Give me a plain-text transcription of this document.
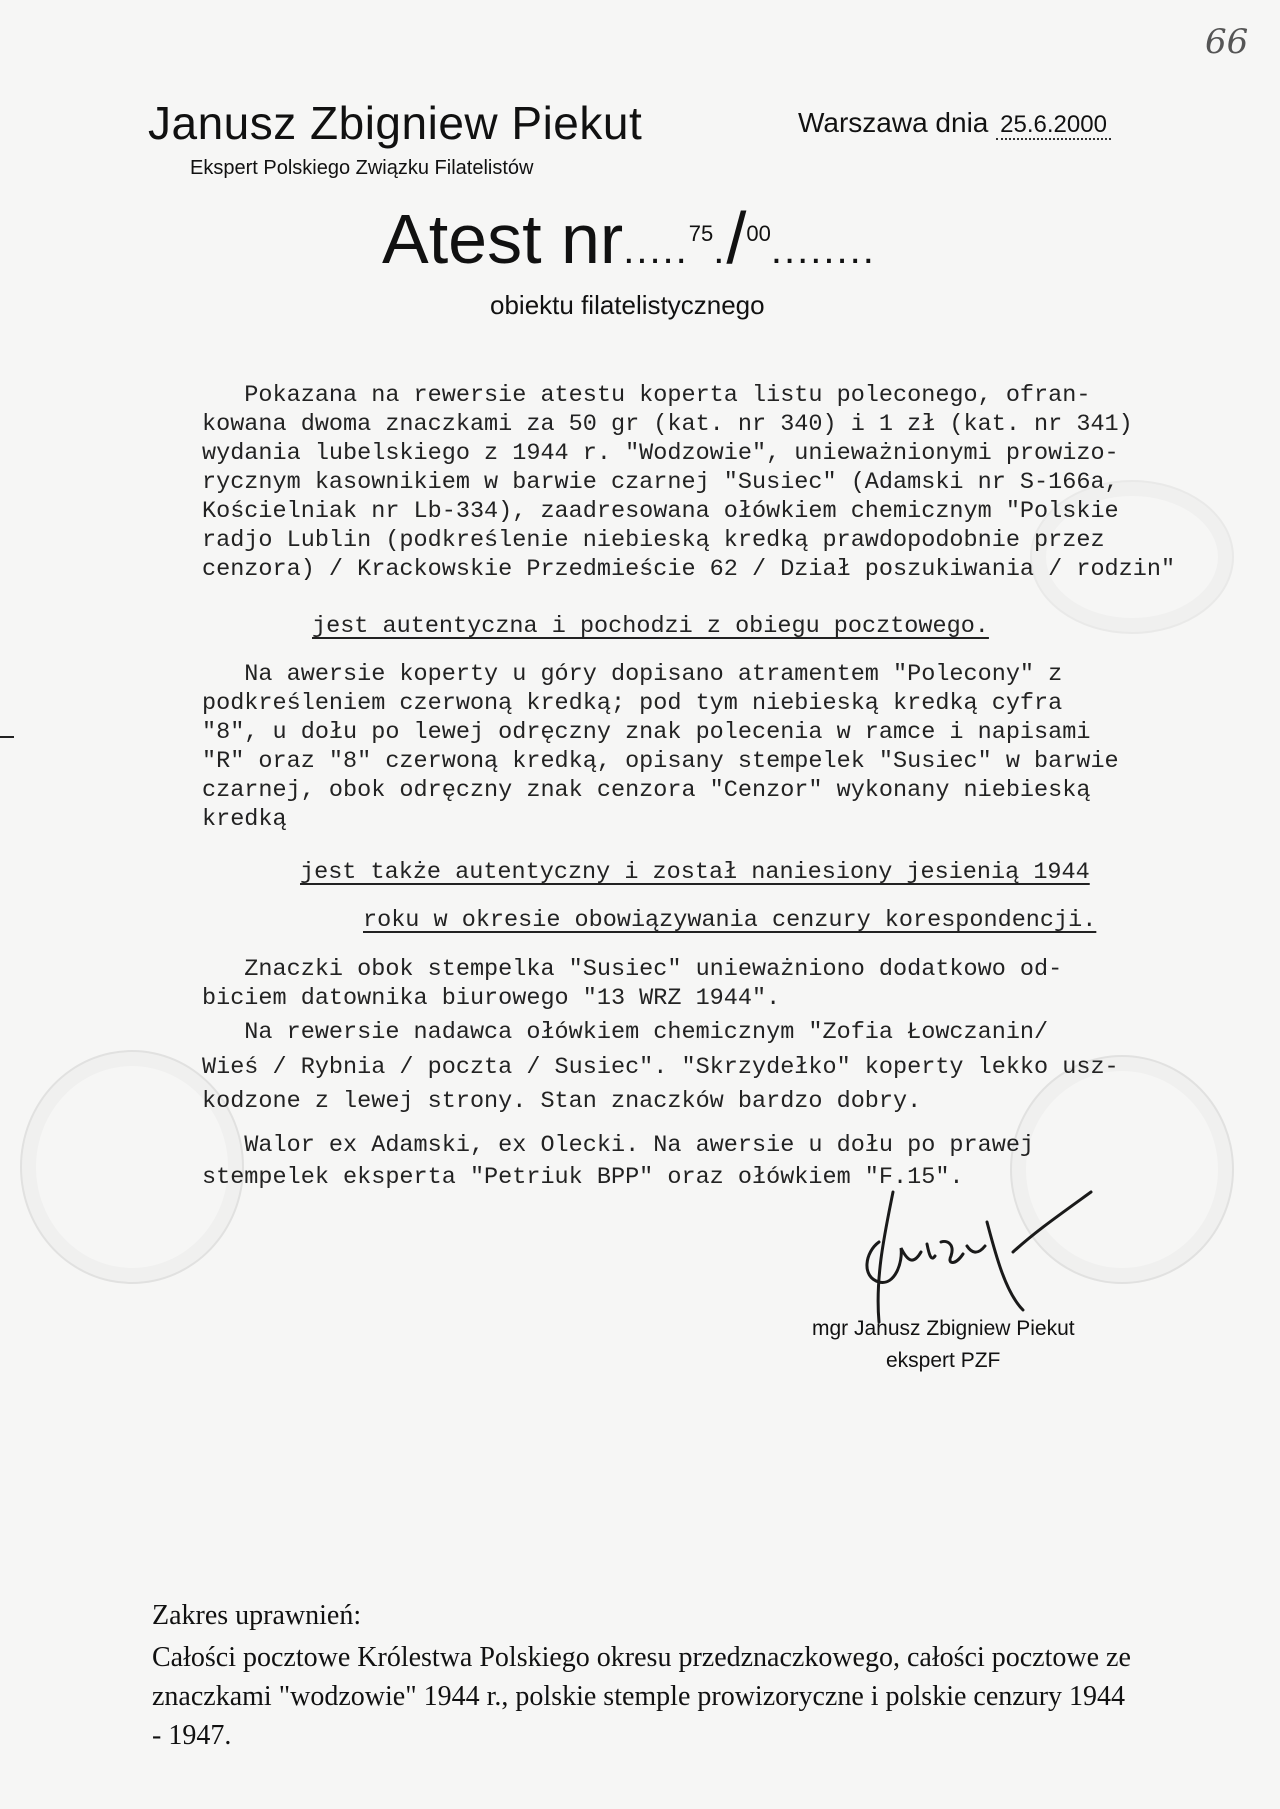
66
Janusz Zbigniew Piekut
Ekspert Polskiego Związku Filatelistów
Warszawa dnia 25.6.2000
Atest nr.....$^{75}$./$^{00}$........
obiektu filatelistycznego
Pokazana na rewersie atestu koperta listu poleconego, ofran-
kowana dwoma znaczkami za 50 gr (kat. nr 340) i 1 zł (kat. nr 341)
wydania lubelskiego z 1944 r. "Wodzowie", unieważnionymi prowizo-
rycznym kasownikiem w barwie czarnej "Susiec" (Adamski nr S-166a,
Kościelniak nr Lb-334), zaadresowana ołówkiem chemicznym "Polskie
radjo Lublin (podkreślenie niebieską kredką prawdopodobnie przez
cenzora) / Krackowskie Przedmieście 62 / Dział poszukiwania / rodzin"
jest autentyczna i pochodzi z obiegu pocztowego.
Na awersie koperty u góry dopisano atramentem "Polecony" z
podkreśleniem czerwoną kredką; pod tym niebieską kredką cyfra
"8", u dołu po lewej odręczny znak polecenia w ramce i napisami
"R" oraz "8" czerwoną kredką, opisany stempelek "Susiec" w barwie
czarnej, obok odręczny znak cenzora "Cenzor" wykonany niebieską
kredką
jest także autentyczny i został naniesiony jesienią 1944
roku w okresie obowiązywania cenzury korespondencji.
Znaczki obok stempelka "Susiec" unieważniono dodatkowo od-
biciem datownika biurowego "13 WRZ 1944".
Na rewersie nadawca ołówkiem chemicznym "Zofia Łowczanin/
Wieś / Rybnia / poczta / Susiec". "Skrzydełko" koperty lekko usz-
kodzone z lewej strony. Stan znaczków bardzo dobry.
Walor ex Adamski, ex Olecki. Na awersie u dołu po prawej
stempelek eksperta "Petriuk BPP" oraz ołówkiem "F.15".
mgr Janusz Zbigniew Piekut
ekspert PZF
Zakres uprawnień:
Całości pocztowe Królestwa Polskiego okresu przedznaczkowego, całości pocztowe ze znaczkami "wodzowie" 1944 r., polskie stemple prowizoryczne i polskie cenzury 1944 - 1947.
